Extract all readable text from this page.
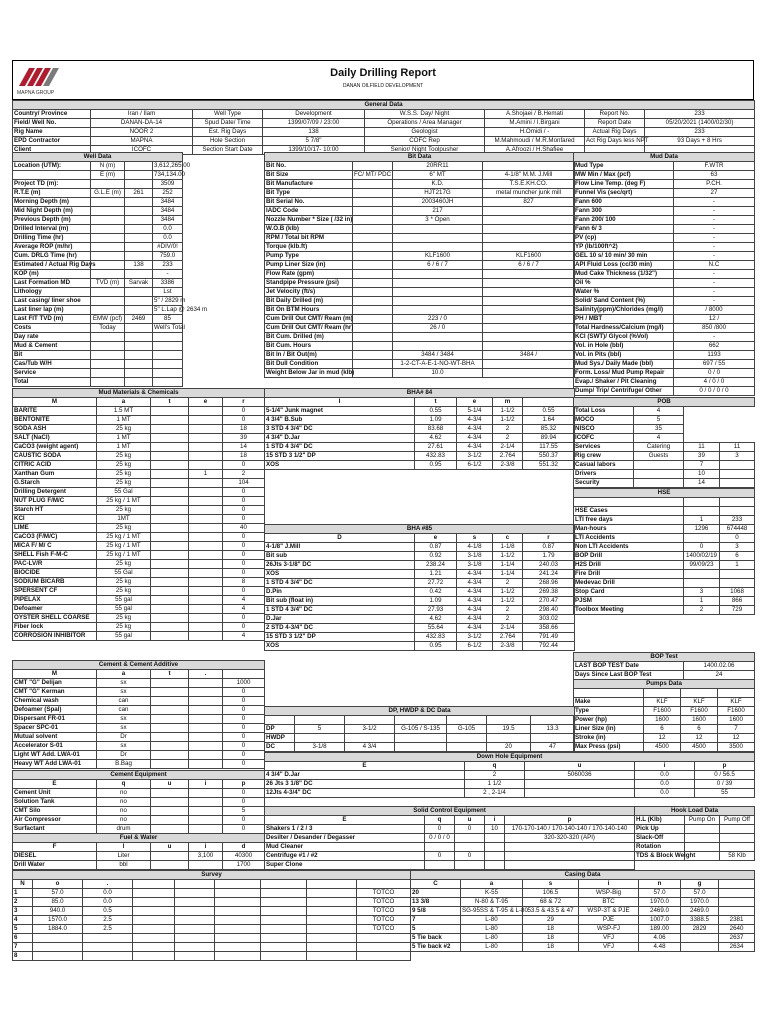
MAPNA GROUP
Daily Drilling Report
DANAN OILFIELD DEVELOPMENT
General Data							
Country/ Province	Iran / Ilam	Well Type	Development	W.S.S. Day/ Night	A.Shojaei / B.Hemati	Report No.	233
Field/ Well No.	DANAN-DA-14	Spud Date/ Time	1399/07/09 / 23:00	Operations / Area Manager	M.Amini / I.Birgani	Report Date	05/20/2021 (1400/02/30)
Rig Name	NOOR 2	Est. Rig Days	138	Geologist	H.Omidi / -	Actual Rig Days	233
EPD Contractor	MAPNA	Hole Section	5 7/8"	COFC Rep	M.Mahmoudi / M.R.Monfared	Act Rig Days less NPT	93 Days + 8 Hrs
Client	ICOFC	Section Start Date	1399/10/17- 10:00	Senior/ Night Toolpusher	A.Afroozi / H.Shafiee		
Well Data			
Location (UTM):	N (m)		3,612,265.00
	E (m)		734,134.00
Project TD (m):			3509
R.T.E (m)	G.L.E (m)	261	252
Morning Depth (m)			3484
Mid Night Depth (m)			3484
Previous Depth (m)			3484
Drilled Interval (m)			0.0
Drilling Time (hr)			0.0
Average ROP (m/hr)			#DIV/0!
Cum. DRLG Time (hr)			759.0
Estimated / Actual Rig Days		138	233
KOP (m)			-
Last Formation MD	TVD (m)	Sarvak	3386
Lithology			Lst
Last casing/ liner shoe			5" / 2829 m
Last liner lap (m)			5" L.Lap @ 2634 m
Last FIT TVD (m)	EMW (pcf)	2469	85
Costs	Today		Well's Total
Day rate			
Mud & Cement			
Bit			
Cas/Tub W/H			
Service			
Total			
Bit Data			
Bit No.		20RR11	
Bit Size	FC/ MT/ PDC	6" MT	4-1/8" M.M. J.Mill
Bit Manufacture		K.D.	T.S.E.KH.CO.
Bit Type		HJT217G	metal muncher junk mill
Bit Serial No.		2003460JH	827
IADC Code		217	
Nozzle Number * Size ( /32 in)		3 * Open	
W.O.B (klb)			
RPM / Total bit RPM			
Torque (klb.ft)			
Pump Type		KLF1600	KLF1600
Pump Liner Size (in)		6 / 6 / 7	6 / 6 / 7
Flow Rate (gpm)			
Standpipe Pressure (psi)			
Jet Velocity (ft/s)			
Bit Daily Drilled (m)			
Bit On BTM Hours			
Cum Drill Out CMT/ Ream (m)		223 / 0	
Cum Drill Out CMT/ Ream (hr)		26 / 0	
Bit Cum. Drilled (m)			
Bit Cum. Hours			
Bit In / Bit Out(m)		3484 / 3484	3484 /
Bit Dull Condition		1-2-CT-A-E-1-NO-WT-BHA	
Weight Below Jar in mud (klb)		10.0	
Mud Data	
Mud Type	F.WTR
MW Min / Max (pcf)	63
Flow Line Temp. (deg F)	P.CH.
Funnel Vis (sec/qrt)	27
Fann 600	-
Fann 300	-
Fann 200/ 100	-
Fann 6/ 3	-
PV (cp)	-
YP (lb/100ft^2)	-
GEL 10 s/ 10 min/ 30 min	-
API Fluid Loss (cc/30 min)	N.C
Mud Cake Thickness (1/32")	-
Oil %	-
Water %	-
Solid/ Sand Content (%)	-
Salinity(ppm)/Chlorides (mg/l)	/ 8000
PH / MBT	12 /
Total Hardness/Calcium (mg/l)	850 /800
KCl (SWT)/ Glycol (%Vol)	-
Vol. in Hole (bbl)	662
Vol. in Pits (bbl)	1193
Mud Sys./ Daily Made (bbl)	697 / 55
Form. Loss/ Mud Pump Repair	0 / 0
Evap./ Shaker / Pit Cleaning	4 / 0 / 0
Dump/ Trip/ Centrifuge/ Other	0 / 0 / 0 / 0
Mud Materials & Chemicals				
M	a	t	e	r
BARITE	1.5 MT			0
BENTONITE	1 MT			0
SODA ASH	25 kg			18
SALT (NaCl)	1 MT			39
CaCO3 (weight agent)	1 MT			14
CAUSTIC SODA	25 kg			18
CITRIC ACID	25 kg			0
Xanthan Gum	25 kg		1	2
G.Starch	25 kg			104
Drilling Detergent	55 Gal			0
NUT PLUG F/M/C	25 kg / 1 MT			0
Starch HT	25 kg			0
KCl	1MT			0
LIME	25 kg			40
CaCO3 (F/M/C)	25 kg / 1 MT			0
MICA F/ M/ C	25 kg / 1 MT			0
SHELL Fish F-M-C	25 kg / 1 MT			0
PAC-LV/R	25 kg			0
BIOCIDE	55 Gal			0
SODIUM BICARB	25 kg			8
SPERSENT CF	25 kg			0
PIPELAX	55 gal			4
Defoamer	55 gal			4
OYSTER SHELL COARSE	25 kg			0
Fiber lock	25 kg			0
CORROSION INHIBITOR	55 gal			4
BHA# 84				
I	t	e	m	
5-1/4" Junk magnet	0.55	5-1/4	1-1/2	0.55
4 3/4" B.Sub	1.09	4-3/4	1-1/2	1.64
3 STD 4 3/4" DC	83.68	4-3/4	2	85.32
4 3/4" D.Jar	4.62	4-3/4	2	89.94
1 STD 4 3/4" DC	27.61	4-3/4	2-1/4	117.55
15 STD 3 1/2" DP	432.83	3-1/2	2.764	550.37
XOS	0.95	6-1/2	2-3/8	551.32
BHA #85				
D	e	s	c	r
4-1/8" J.Mill	0.87	4-1/8	1-1/8	0.87
Bit sub	0.92	3-1/8	1-1/2	1.79
26Jts 3-1/8" DC	238.24	3-1/8	1-1/4	240.03
XOS	1.21	4-3/4	1-1/4	241.24
1 STD 4 3/4" DC	27.72	4-3/4	2	268.96
D.Pin	0.42	4-3/4	1-1/2	269.38
Bit sub (float in)	1.09	4-3/4	1-1/2	270.47
1 STD 4 3/4" DC	27.93	4-3/4	2	298.40
D.Jar	4.62	4-3/4	2	303.02
2 STD 4-3/4" DC	55.64	4-3/4	2-1/4	358.66
15 STD 3 1/2" DP	432.83	3-1/2	2.764	791.49
XOS	0.95	6-1/2	2-3/8	792.44
POB			
Total Loss	4		
MOCO	5		
NISCO	35		
ICOFC	4		
Services	Catering	11	11
Rig crew	Guests	39	3
Casual labors		7	
Drivers		10	
Security		14	

HSE		

HSE Cases		
LTI free days	1	233
Man-hours	1296	674448
LTI Accidents		0
Non LTI Accidents	0	3
BOP Drill	1400/02/19	6
H2S Drill	99/09/23	1
Fire Drill		
Medevac Drill		
Stop Card	3	1068
PJSM	1	866
Toolbox Meeting	2	729
Cement & Cement Additive				
M	a	t	.	
CMT "G" Delijan	sx			1000
CMT "G" Kerman	sx			0
Chemical wash	can			0
Defoamer (Spal)	can			0
Dispersant FR-01	sx			0
Spacer SPC-01	sx			0
Mutual solvent	Dr			0
Accelerator S-01	sx			0
Light WT Add. LWA-01	Dr			0
Heavy WT Add LWA-01	B.Bag			0
Cement Equipment				
E	q	u	i	p
Cement Unit	no			0
Solution Tank	no			0
CMT Silo	no			5
Air Compressor	no			0
Surfactant	drum			0
Fuel & Water				
F	l	u	i	d
DIESEL	Liter		3,100	40300
Drill Water	bbl			1700
BOP Test	
LAST BOP TEST Date	1400.02.06
Days Since Last BOP Test	24
Pumps Data			

Make	KLF	KLF	KLF
Type	F1600	F1600	F1600
Power (hp)	1600	1600	1600
Liner Size (in)	6	6	7
Stroke (in)	12	12	12
Max Press (psi)	4500	4500	3500
DP, HWDP & DC Data						

DP	5	3-1/2	G-105 / S-135	G-105	19.5	13.3
HWDP						
DC	3-1/8	4 3/4			20	47
Down Hole Equipment				
E	q	u	i	p
4 3/4" D.Jar	2	5060036	0.0	0 / 56.5
26 Jts 3 1/8" DC	1 1/2		0.0	0 / 39
12Jts 4-3/4" DC	2 , 2-1/4		0.0	55
Solid Control Equipment				
E	q	u	i	p
Shakers 1 / 2 / 3	0	0	10	170-170-140 / 170-140-140 / 170-140-140
Desilter / Desander / Degasser	0 / 0 / 0			320-320-320 (API)
Mud Cleaner				
Centrifuge #1 / #2	0	0		
Super Clone				
Hook Load Data		
H.L (Klb)	Pump On	Pump Off
Pick Up		
Slack-Off		
Rotation		
TDS & Block Weight		58 Klb
Survey								
N	o	.						
1	57.0	0.0						TOTCO
2	85.0	0.0						TOTCO
3	940.0	0.5						TOTCO
4	1570.0	2.5						TOTCO
5	1884.0	2.5						TOTCO
6								
7								
8								
Casing Data						
C	a	s	i	n	g	
20	K-55	106.5	WSP-Big	57.0	57.0	
13 3/8	N-80 & T-95	68 & 72	BTC	1970.0	1970.0	
9 5/8	SG-95SS & T-95 & L-80	53.5 & 43.5 & 47	WSP-3T & PJE	2469.0	2469.0	
7	L-80	29	PJE	1007.0	3388.5	2381
5	L-80	18	WSP-FJ	189.00	2829	2640
5 Tie back	L-80	18	VFJ	4.06		2637
5 Tie back #2	L-80	18	VFJ	4.48		2634
